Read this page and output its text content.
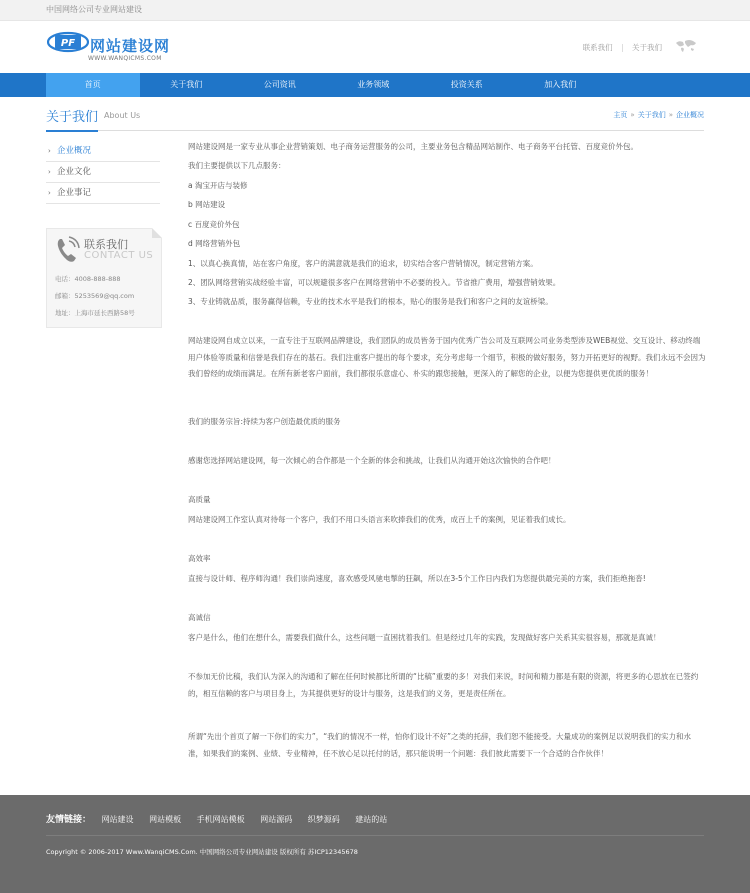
中国网络公司专业网站建设
PF 网站建设网
WWW.WANQICMS.COM
联系我们 | 关于我们
首页	关于我们	公司资讯	业务领域	投资关系	加入我们
关于我们 About Us	主页 » 关于我们 » 企业概况
› 企业概况
› 企业文化
› 企业事记
联系我们
CONTACT US
电话：4008-888-888
邮箱：5253569@qq.com
地址：上海市延长西路58号

网站建设网是一家专业从事企业营销策划、电子商务运营服务的公司，主要业务包含精品网站制作、电子商务平台托管、百度竞价外包。

我们主要提供以下几点服务：

a 淘宝开店与装修

b 网站建设

c 百度竞价外包

d 网络营销外包

1、以真心换真情，站在客户角度，客户的满意就是我们的追求，切实结合客户营销情况，制定营销方案。

2、团队网络营销实战经验丰富，可以规避很多客户在网络营销中不必要的投入。节省推广费用，增强营销效果。

3、专业铸就品质，服务赢得信赖，专业的技术水平是我们的根本，贴心的服务是我们和客户之间的友谊桥梁。

网站建设网自成立以来，一直专注于互联网品牌建设，我们团队的成员皆务于国内优秀广告公司及互联网公司业务类型涉及WEB视觉、交互设计、移动终端用户体验等质量和信誉是我们存在的基石。我们注重客户提出的每个要求，充分考虑每一个细节，积极的做好服务，努力开拓更好的视野。我们永远不会因为我们曾经的成绩而满足。在所有新老客户面前，我们都很乐意虚心、朴实的跟您接触，更深入的了解您的企业，以便为您提供更优质的服务！

我们的服务宗旨:持续为客户创造最优质的服务

感谢您选择网站建设网，每一次倾心的合作都是一个全新的体会和挑战，让我们从沟通开始这次愉快的合作吧！

高质量

网站建设网工作室认真对待每一个客户，我们不用口头语言来吹捧我们的优秀，成百上千的案例，见证着我们成长。

高效率

直接与设计师、程序师沟通！我们崇尚速度，喜欢感受风驰电掣的狂飙，所以在3-5个工作日内我们为您提供最完美的方案，我们拒绝拖沓!

高诚信

客户是什么，他们在想什么，需要我们做什么，这些问题一直困扰着我们。但是经过几年的实践，发现做好客户关系其实很容易，那就是真诚！

不参加无价比稿，我们认为深入的沟通和了解在任何时候都比所谓的“比稿”重要的多！对我们来说，时间和精力都是有限的资源，将更多的心思放在已签约的，相互信赖的客户与项目身上，为其提供更好的设计与服务，这是我们的义务，更是责任所在。

所谓“先出个首页了解一下你们的实力”，“我们的情况不一样，怕你们设计不好”之类的托辞，我们恕不能接受。大量成功的案例足以说明我们的实力和水准，如果我们的案例、业绩、专业精神，任不放心足以托付的话，那只能说明一个问题：我们彼此需要下一个合适的合作伙伴！

友情链接： 网站建设 网站模板 手机网站模板 网站源码 织梦源码 建站的站
Copyright © 2006-2017 Www.WanqiCMS.Com. 中国网络公司专业网站建设 版权所有 苏ICP12345678
